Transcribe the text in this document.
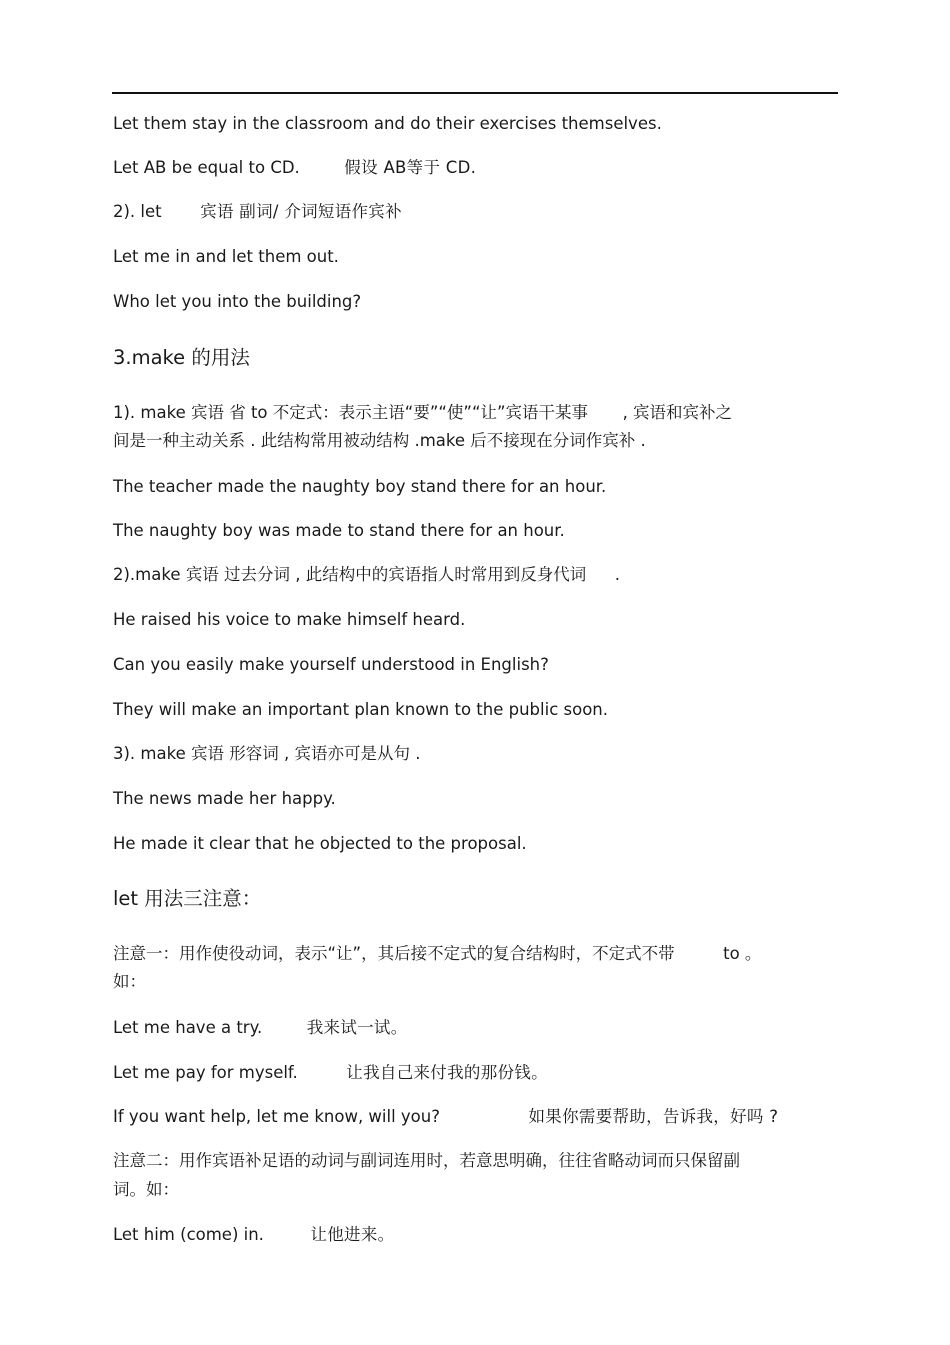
Let them stay in the classroom and do their exercises themselves.
Let AB be equal to CD.	假设 AB等于 CD.
2). let 宾语 副词/ 介词短语作宾补
Let me in and let them out.
Who let you into the building?
3.make 的用法
1). make 宾语 省 to 不定式：表示主语“要”“使”“让”宾语干某事 , 宾语和宾补之
间是一种主动关系 . 此结构常用被动结构 .make 后不接现在分词作宾补 .
The teacher made the naughty boy stand there for an hour.
The naughty boy was made to stand there for an hour.
2).make 宾语 过去分词 , 此结构中的宾语指人时常用到反身代词 .
He raised his voice to make himself heard.
Can you easily make yourself understood in English?
They will make an important plan known to the public soon.
3). make 宾语 形容词 , 宾语亦可是从句 .
The news made her happy.
He made it clear that he objected to the proposal.
let 用法三注意：
注意一：用作使役动词，表示“让”，其后接不定式的复合结构时，不定式不带	to 。
如：
Let me have a try.	我来试一试。
Let me pay for myself.	让我自己来付我的那份钱。
If you want help, let me know, will you?	如果你需要帮助，告诉我，好吗 ?
注意二：用作宾语补足语的动词与副词连用时，若意思明确，往往省略动词而只保留副
词。如：
Let him (come) in.	让他进来。
